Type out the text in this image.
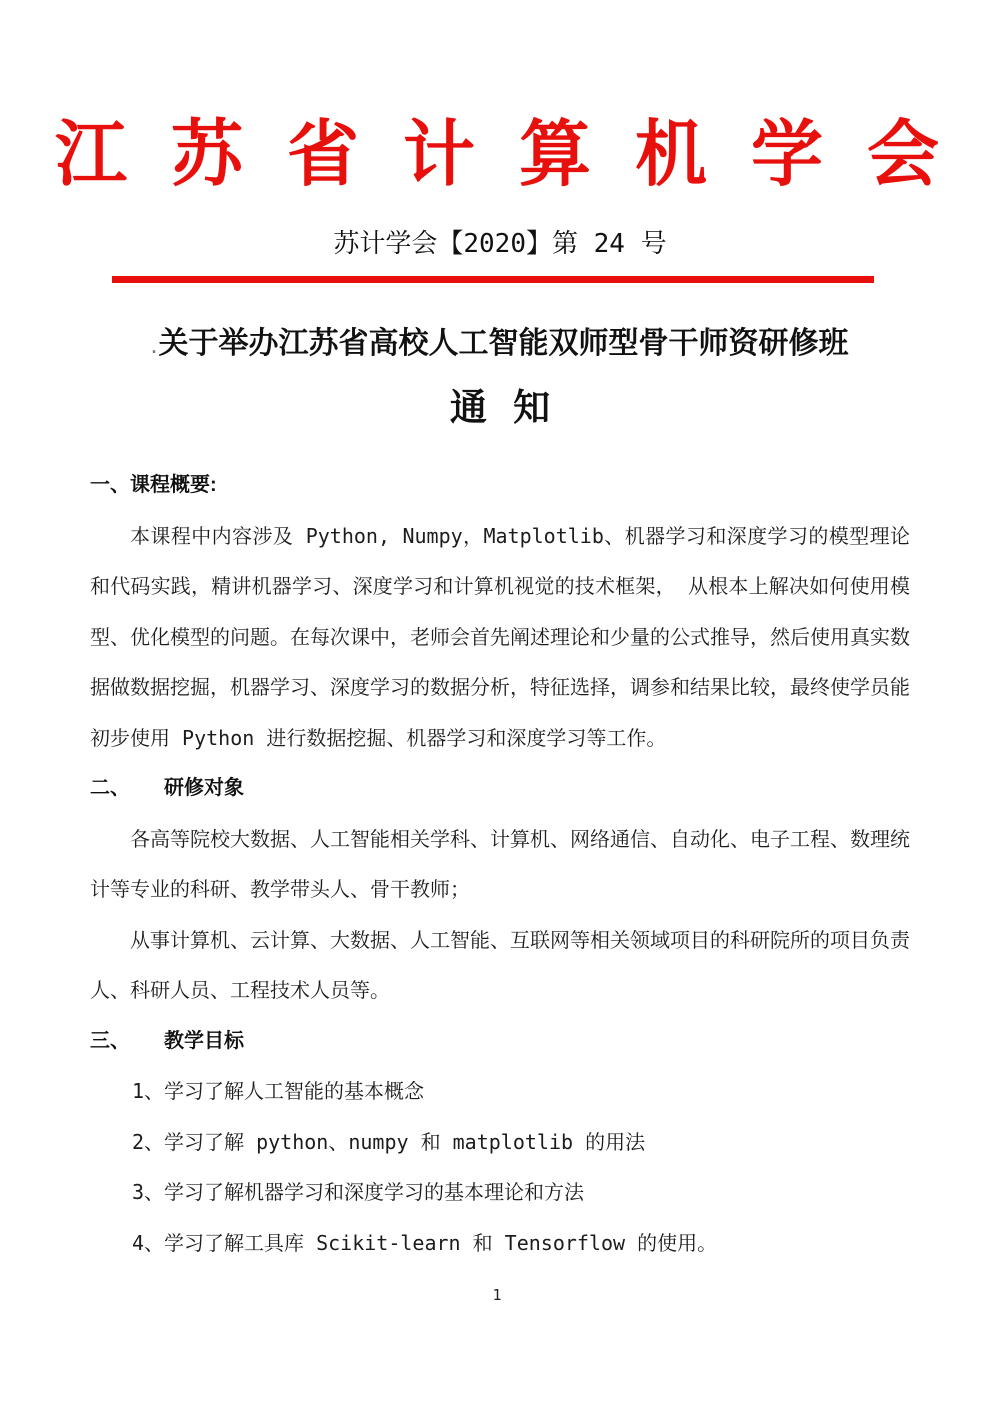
江 苏 省 计 算 机 学 会
苏计学会【2020】第 24 号
.关于举办江苏省高校人工智能双师型骨干师资研修班
通 知
一、课程概要:

本课程中内容涉及 Python, Numpy，Matplotlib、机器学习和深度学习的模型理论和代码实践，精讲机器学习、深度学习和计算机视觉的技术框架， 从根本上解决如何使用模型、优化模型的问题。在每次课中，老师会首先阐述理论和少量的公式推导，然后使用真实数据做数据挖掘，机器学习、深度学习的数据分析，特征选择，调参和结果比较，最终使学员能初步使用 Python 进行数据挖掘、机器学习和深度学习等工作。

二、 研修对象

各高等院校大数据、人工智能相关学科、计算机、网络通信、自动化、电子工程、数理统计等专业的科研、教学带头人、骨干教师；

从事计算机、云计算、大数据、人工智能、互联网等相关领域项目的科研院所的项目负责人、科研人员、工程技术人员等。

三、 教学目标
1、学习了解人工智能的基本概念
2、学习了解 python、numpy 和 matplotlib 的用法
3、学习了解机器学习和深度学习的基本理论和方法
4、学习了解工具库 Scikit-learn 和 Tensorflow 的使用。
1
